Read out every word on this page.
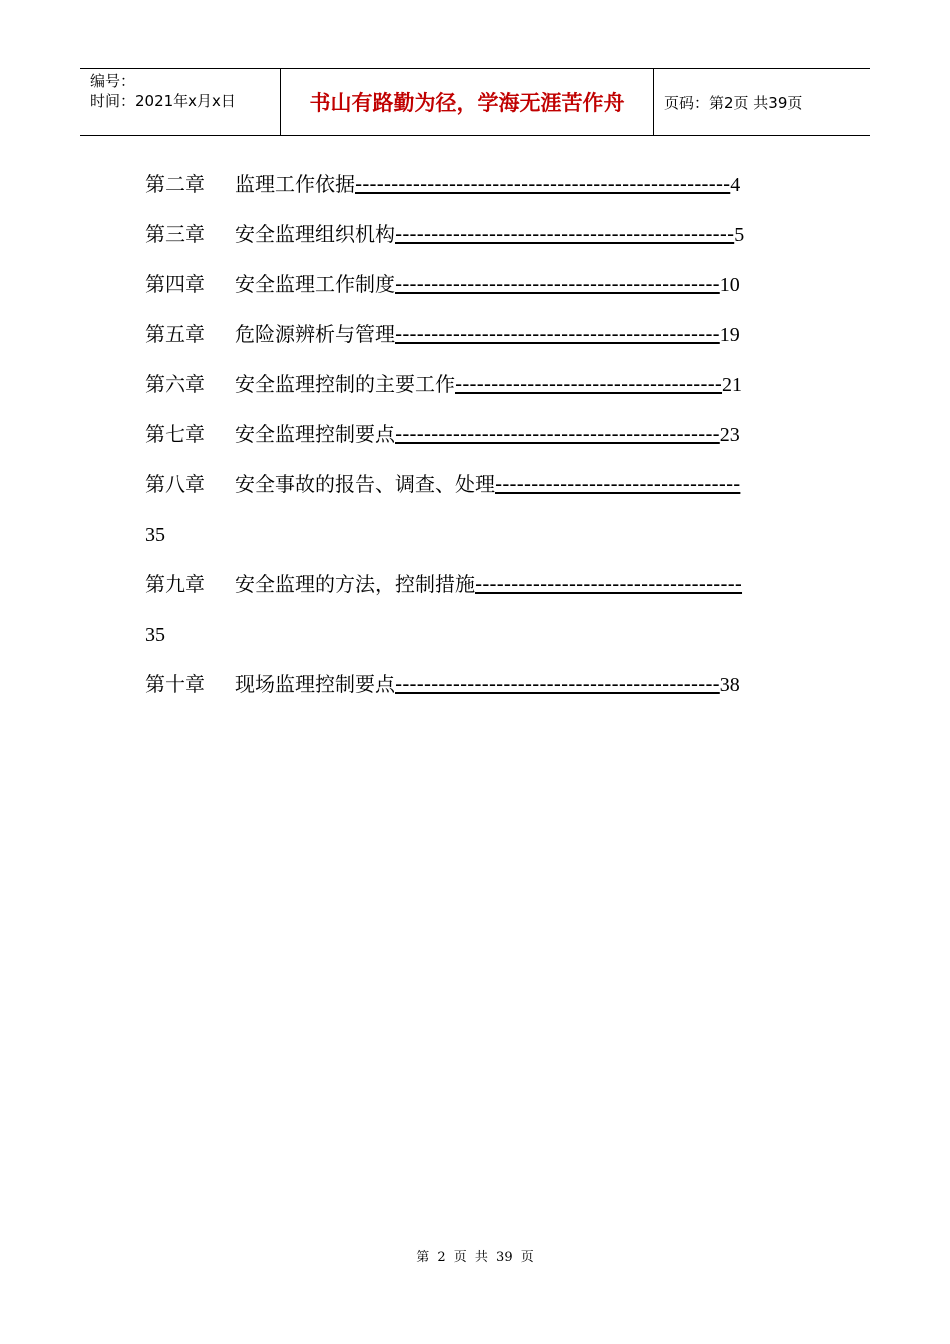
编号：
时间：2021年x月x日	书山有路勤为径，学海无涯苦作舟	页码：第2页 共39页
第二章 监理工作依据----------------------------------------------------4
第三章 安全监理组织机构-----------------------------------------------5
第四章 安全监理工作制度---------------------------------------------10
第五章 危险源辨析与管理---------------------------------------------19
第六章 安全监理控制的主要工作-------------------------------------21
第七章 安全监理控制要点---------------------------------------------23
第八章 安全事故的报告、调查、处理----------------------------------
35
第九章 安全监理的方法，控制措施-------------------------------------
35
第十章 现场监理控制要点---------------------------------------------38
第 2 页 共 39 页
